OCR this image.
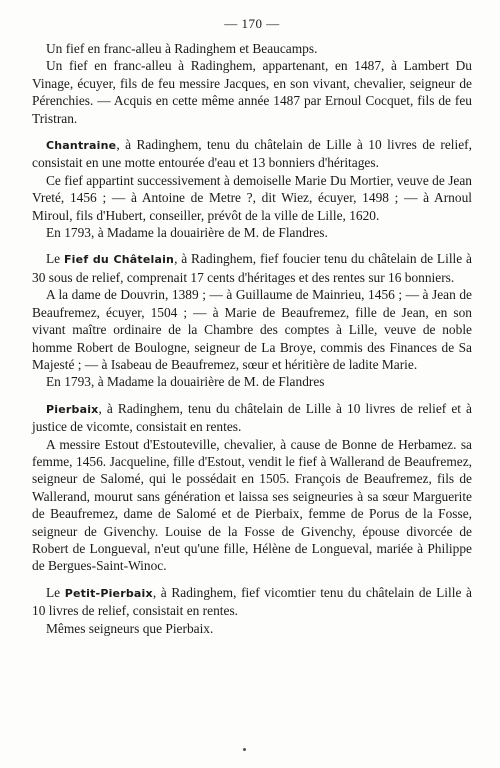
— 170 —

Un fief en franc-alleu à Radinghem et Beaucamps.

Un fief en franc-alleu à Radinghem, appartenant, en 1487, à Lambert Du Vinage, écuyer, fils de feu messire Jacques, en son vivant, chevalier, seigneur de Pérenchies. — Acquis en cette même année 1487 par Ernoul Cocquet, fils de feu Tristran.

Chantraine, à Radinghem, tenu du châtelain de Lille à 10 livres de relief, consistait en une motte entourée d'eau et 13 bonniers d'héritages.

Ce fief appartint successivement à demoiselle Marie Du Mortier, veuve de Jean Vreté, 1456 ; — à Antoine de Metre ?, dit Wiez, écuyer, 1498 ; — à Arnoul Miroul, fils d'Hubert, conseiller, prévôt de la ville de Lille, 1620.

En 1793, à Madame la douairière de M. de Flandres.

Le Fief du Châtelain, à Radinghem, fief foucier tenu du châtelain de Lille à 30 sous de relief, comprenait 17 cents d'héritages et des rentes sur 16 bonniers.

A la dame de Douvrin, 1389 ; — à Guillaume de Mainrieu, 1456 ; — à Jean de Beaufremez, écuyer, 1504 ; — à Marie de Beaufremez, fille de Jean, en son vivant maître ordinaire de la Chambre des comptes à Lille, veuve de noble homme Robert de Boulogne, seigneur de La Broye, commis des Finances de Sa Majesté ; — à Isabeau de Beaufremez, sœur et héritière de ladite Marie.

En 1793, à Madame la douairière de M. de Flandres

Pierbaix, à Radinghem, tenu du châtelain de Lille à 10 livres de relief et à justice de vicomte, consistait en rentes.

A messire Estout d'Estouteville, chevalier, à cause de Bonne de Herbamez. sa femme, 1456. Jacqueline, fille d'Estout, vendit le fief à Wallerand de Beaufremez, seigneur de Salomé, qui le possédait en 1505. François de Beaufremez, fils de Wallerand, mourut sans génération et laissa ses seigneuries à sa sœur Marguerite de Beaufremez, dame de Salomé et de Pierbaix, femme de Porus de la Fosse, seigneur de Givenchy. Louise de la Fosse de Givenchy, épouse divorcée de Robert de Longueval, n'eut qu'une fille, Hélène de Longueval, mariée à Philippe de Bergues-Saint-Winoc.

Le Petit-Pierbaix, à Radinghem, fief vicomtier tenu du châtelain de Lille à 10 livres de relief, consistait en rentes.

Mêmes seigneurs que Pierbaix.
